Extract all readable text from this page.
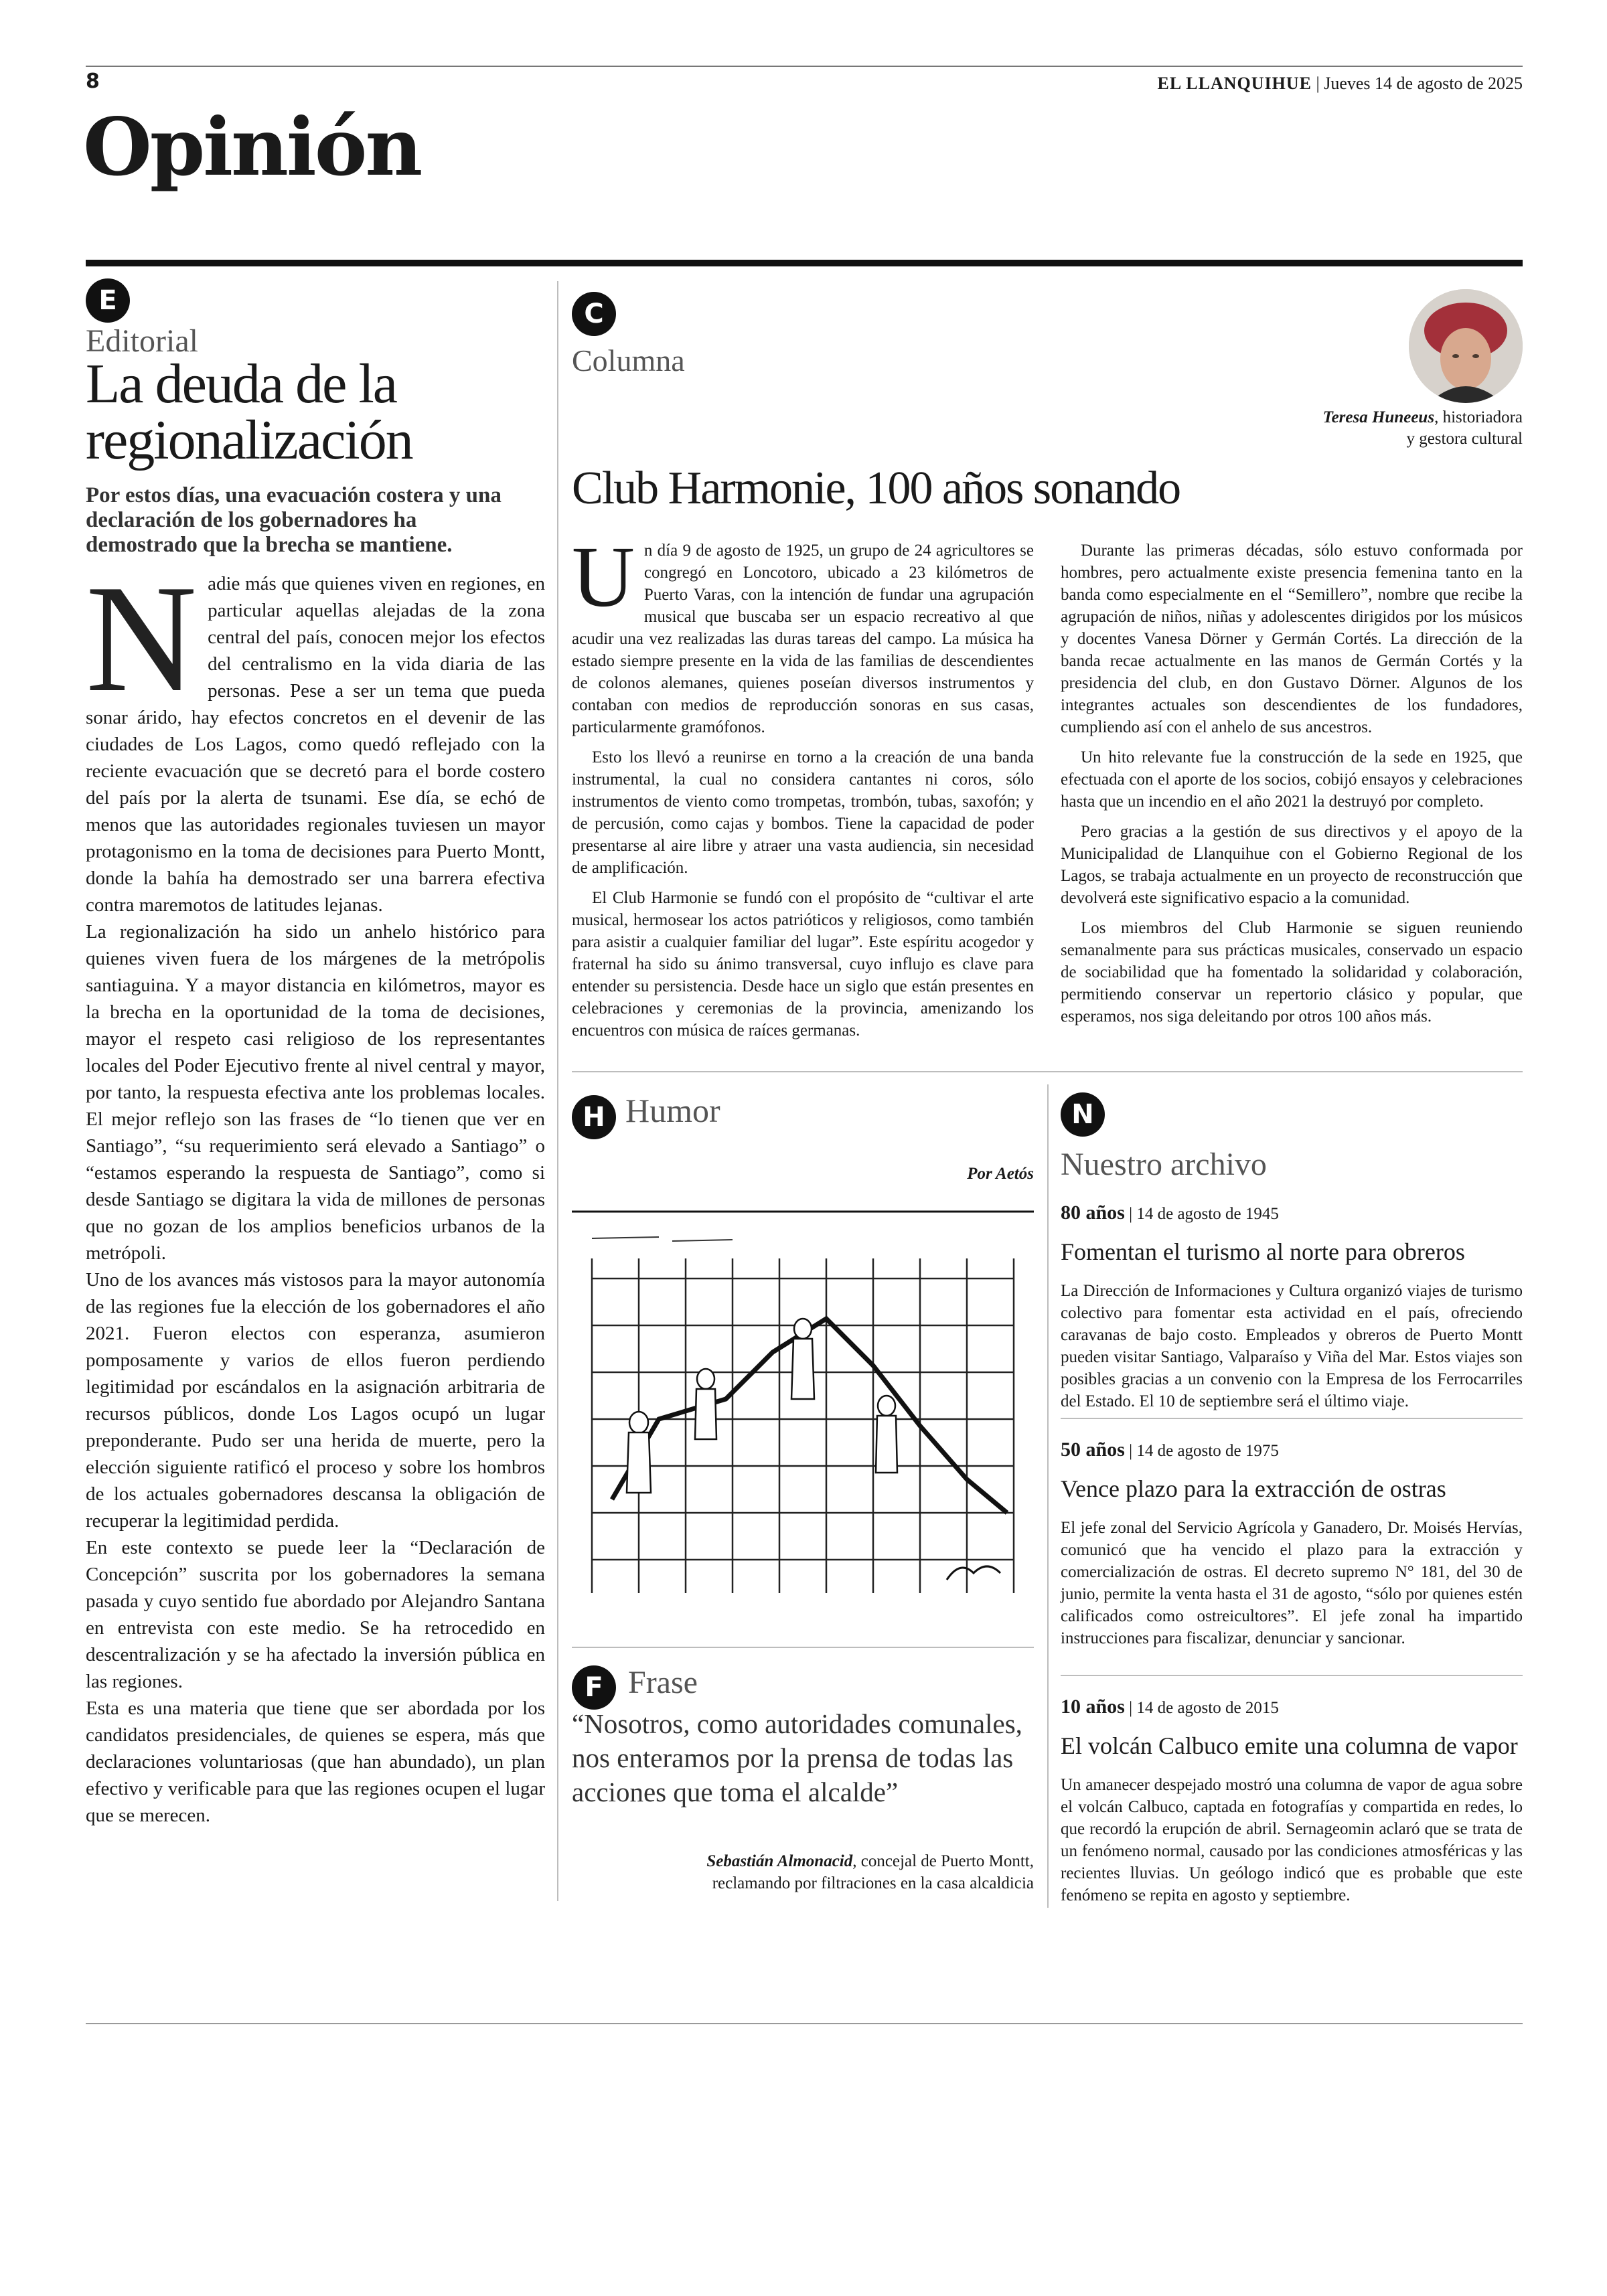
8	EL LLANQUIHUE | Jueves 14 de agosto de 2025
Opinión
E
Editorial
La deuda de la regionalización
Por estos días, una evacuación costera y una declaración de los gobernadores ha demostrado que la brecha se mantiene.
N adie más que quienes viven en regiones, en particular aquellas alejadas de la zona central del país, conocen mejor los efectos del centralismo en la vida diaria de las personas. Pese a ser un tema que pueda sonar árido, hay efectos concretos en el devenir de las ciudades de Los Lagos, como quedó reflejado con la reciente evacuación que se decretó para el borde costero del país por la alerta de tsunami. Ese día, se echó de menos que las autoridades regionales tuviesen un mayor protagonismo en la toma de decisiones para Puerto Montt, donde la bahía ha demostrado ser una barrera efectiva contra maremotos de latitudes lejanas.

La regionalización ha sido un anhelo histórico para quienes viven fuera de los márgenes de la metrópolis santiaguina. Y a mayor distancia en kilómetros, mayor es la brecha en la oportunidad de la toma de decisiones, mayor el respeto casi religioso de los representantes locales del Poder Ejecutivo frente al nivel central y mayor, por tanto, la respuesta efectiva ante los problemas locales. El mejor reflejo son las frases de “lo tienen que ver en Santiago”, “su requerimiento será elevado a Santiago” o “estamos esperando la respuesta de Santiago”, como si desde Santiago se digitara la vida de millones de personas que no gozan de los amplios beneficios urbanos de la metrópoli.

Uno de los avances más vistosos para la mayor autonomía de las regiones fue la elección de los gobernadores el año 2021. Fueron electos con esperanza, asumieron pomposamente y varios de ellos fueron perdiendo legitimidad por escándalos en la asignación arbitraria de recursos públicos, donde Los Lagos ocupó un lugar preponderante. Pudo ser una herida de muerte, pero la elección siguiente ratificó el proceso y sobre los hombros de los actuales gobernadores descansa la obligación de recuperar la legitimidad perdida.

En este contexto se puede leer la “Declaración de Concepción” suscrita por los gobernadores la semana pasada y cuyo sentido fue abordado por Alejandro Santana en entrevista con este medio. Se ha retrocedido en descentralización y se ha afectado la inversión pública en las regiones.

Esta es una materia que tiene que ser abordada por los candidatos presidenciales, de quienes se espera, más que declaraciones voluntariosas (que han abundado), un plan efectivo y verificable para que las regiones ocupen el lugar que se merecen.

C
Columna
Teresa Huneeus, historiadora
y gestora cultural
Club Harmonie, 100 años sonando
U n día 9 de agosto de 1925, un grupo de 24 agricultores se congregó en Loncotoro, ubicado a 23 kilómetros de Puerto Varas, con la intención de fundar una agrupación musical que buscaba ser un espacio recreativo al que acudir una vez realizadas las duras tareas del campo. La música ha estado siempre presente en la vida de las familias de descendientes de colonos alemanes, quienes poseían diversos instrumentos y contaban con medios de reproducción sonoras en sus casas, particularmente gramófonos.

Esto los llevó a reunirse en torno a la creación de una banda instrumental, la cual no considera cantantes ni coros, sólo instrumentos de viento como trompetas, trombón, tubas, saxofón; y de percusión, como cajas y bombos. Tiene la capacidad de poder presentarse al aire libre y atraer una vasta audiencia, sin necesidad de amplificación.

El Club Harmonie se fundó con el propósito de “cultivar el arte musical, hermosear los actos patrióticos y religiosos, como también para asistir a cualquier familiar del lugar”. Este espíritu acogedor y fraternal ha sido su ánimo transversal, cuyo influjo es clave para entender su persistencia. Desde hace un siglo que están presentes en celebraciones y ceremonias de la provincia, amenizando los encuentros con música de raíces germanas.

Durante las primeras décadas, sólo estuvo conformada por hombres, pero actualmente existe presencia femenina tanto en la banda como especialmente en el “Semillero”, nombre que recibe la agrupación de niños, niñas y adolescentes dirigidos por los músicos y docentes Vanesa Dörner y Germán Cortés. La dirección de la banda recae actualmente en las manos de Germán Cortés y la presidencia del club, en don Gustavo Dörner. Algunos de los integrantes actuales son descendientes de los fundadores, cumpliendo así con el anhelo de sus ancestros.

Un hito relevante fue la construcción de la sede en 1925, que efectuada con el aporte de los socios, cobijó ensayos y celebraciones hasta que un incendio en el año 2021 la destruyó por completo.

Pero gracias a la gestión de sus directivos y el apoyo de la Municipalidad de Llanquihue con el Gobierno Regional de los Lagos, se trabaja actualmente en un proyecto de reconstrucción que devolverá este significativo espacio a la comunidad.

Los miembros del Club Harmonie se siguen reuniendo semanalmente para sus prácticas musicales, conservado un espacio de sociabilidad que ha fomentado la solidaridad y colaboración, permitiendo conservar un repertorio clásico y popular, que esperamos, nos siga deleitando por otros 100 años más.

H Humor
Por Aetós
F Frase
“Nosotros, como autoridades comunales, nos enteramos por la prensa de todas las acciones que toma el alcalde”
Sebastián Almonacid, concejal de Puerto Montt,
reclamando por filtraciones en la casa alcaldicia
N
Nuestro archivo
80 años | 14 de agosto de 1945
Fomentan el turismo al norte para obreros
La Dirección de Informaciones y Cultura organizó viajes de turismo colectivo para fomentar esta actividad en el país, ofreciendo caravanas de bajo costo. Empleados y obreros de Puerto Montt pueden visitar Santiago, Valparaíso y Viña del Mar. Estos viajes son posibles gracias a un convenio con la Empresa de los Ferrocarriles del Estado. El 10 de septiembre será el último viaje.
50 años | 14 de agosto de 1975
Vence plazo para la extracción de ostras
El jefe zonal del Servicio Agrícola y Ganadero, Dr. Moisés Hervías, comunicó que ha vencido el plazo para la extracción y comercialización de ostras. El decreto supremo N° 181, del 30 de junio, permite la venta hasta el 31 de agosto, “sólo por quienes estén calificados como ostreicultores”. El jefe zonal ha impartido instrucciones para fiscalizar, denunciar y sancionar.
10 años | 14 de agosto de 2015
El volcán Calbuco emite una columna de vapor
Un amanecer despejado mostró una columna de vapor de agua sobre el volcán Calbuco, captada en fotografías y compartida en redes, lo que recordó la erupción de abril. Sernageomin aclaró que se trata de un fenómeno normal, causado por las condiciones atmosféricas y las recientes lluvias. Un geólogo indicó que es probable que este fenómeno se repita en agosto y septiembre.
